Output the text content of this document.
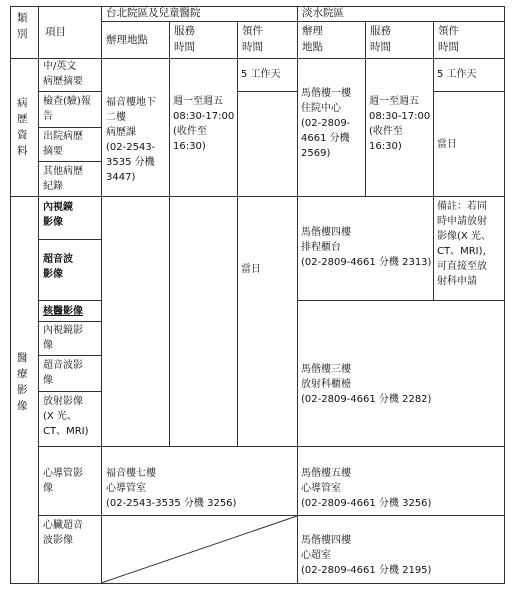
類
別 項目
台北院區及兒童醫院	淡水院區
辦理地點
服務
時間
領件
時間
辦理
地點
服務
時間
領件
時間
病
歷
資
料
中/英文
病歷摘要
檢查(驗)報
告
出院病歷
摘要
其他病歷
紀錄
福音樓地下
二樓
病歷課
(02-2543-
3535 分機
3447)
週一至週五
08:30-17:00
(收件至
16:30)
5 工作天
馬偕樓一樓
住院中心
(02-2809-
4661 分機
2569)
週一至週五
08:30-17:00
(收件至
16:30)
5 工作天
當日
醫
療
影
像
內視鏡
影像
超音波
影像
核醫影像
內視鏡影
像
超音波影
像
放射影像
(X 光、
CT、MRI)
當日
馬偕樓四樓
排程櫃台
(02-2809-4661 分機 2313)
備註：若同
時申請放射
影像(X 光、
CT、MRI)，
可直接至放
射科申請
馬偕樓三樓
放射科櫃檯
(02-2809-4661 分機 2282)
心導管影
像
福音樓七樓
心導管室
(02-2543-3535 分機 3256)
馬偕樓五樓
心導管室
(02-2809-4661 分機 3256)
心臟超音
波影像	馬偕樓四樓
心超室
(02-2809-4661 分機 2195)
